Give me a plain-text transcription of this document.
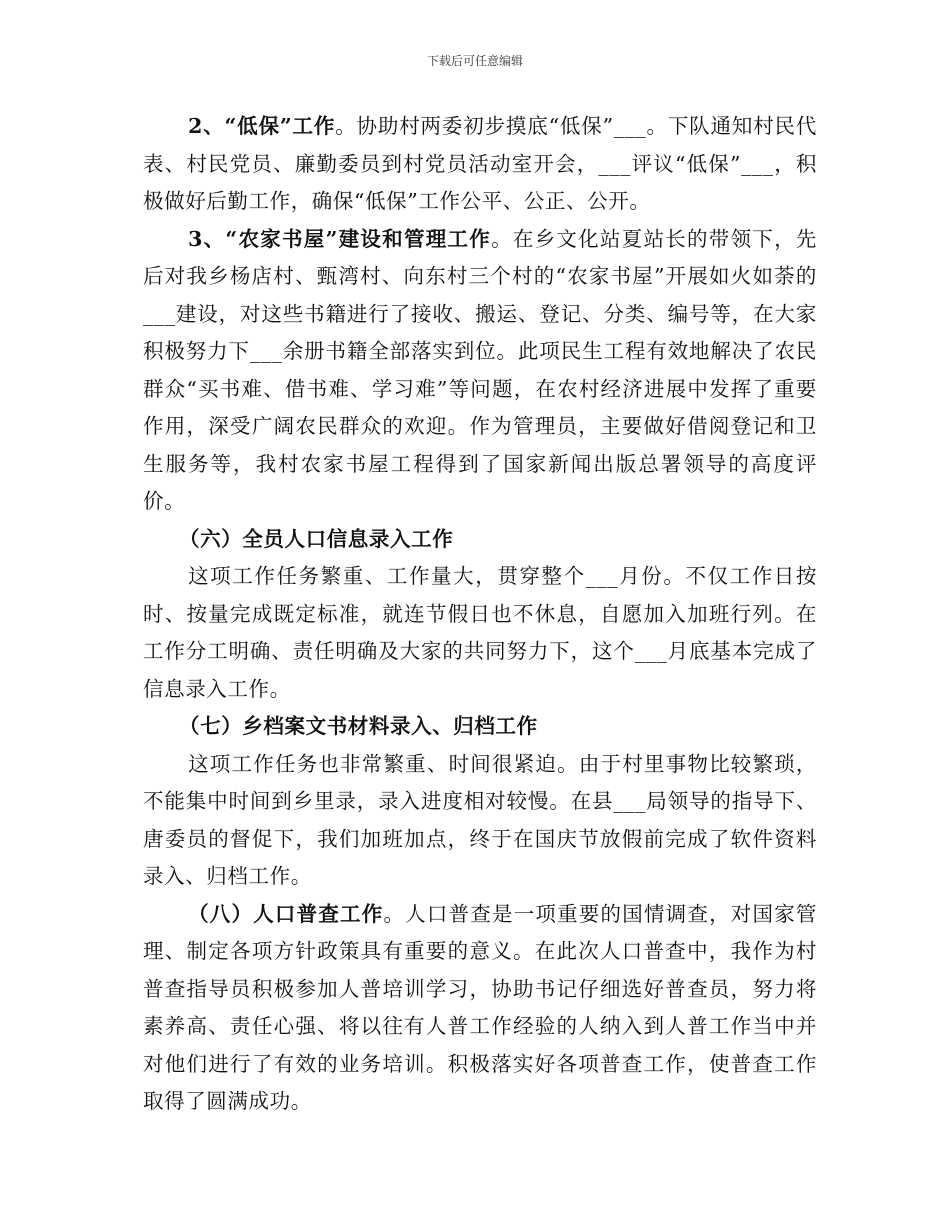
下载后可任意编辑

2、“低保”工作。协助村两委初步摸底“低保”___。下队通知村民代表、村民党员、廉勤委员到村党员活动室开会，___评议“低保”___，积极做好后勤工作，确保“低保”工作公平、公正、公开。

3、“农家书屋”建设和管理工作。在乡文化站夏站长的带领下，先后对我乡杨店村、甄湾村、向东村三个村的“农家书屋”开展如火如荼的___建设，对这些书籍进行了接收、搬运、登记、分类、编号等，在大家积极努力下___余册书籍全部落实到位。此项民生工程有效地解决了农民群众“买书难、借书难、学习难”等问题，在农村经济进展中发挥了重要作用，深受广阔农民群众的欢迎。作为管理员，主要做好借阅登记和卫生服务等，我村农家书屋工程得到了国家新闻出版总署领导的高度评价。

（六）全员人口信息录入工作

这项工作任务繁重、工作量大，贯穿整个___月份。不仅工作日按时、按量完成既定标准，就连节假日也不休息，自愿加入加班行列。在工作分工明确、责任明确及大家的共同努力下，这个___月底基本完成了信息录入工作。

（七）乡档案文书材料录入、归档工作

这项工作任务也非常繁重、时间很紧迫。由于村里事物比较繁琐，不能集中时间到乡里录，录入进度相对较慢。在县___局领导的指导下、唐委员的督促下，我们加班加点，终于在国庆节放假前完成了软件资料录入、归档工作。

（八）人口普查工作。人口普查是一项重要的国情调查，对国家管理、制定各项方针政策具有重要的意义。在此次人口普查中，我作为村普查指导员积极参加人普培训学习，协助书记仔细选好普查员，努力将素养高、责任心强、将以往有人普工作经验的人纳入到人普工作当中并对他们进行了有效的业务培训。积极落实好各项普查工作，使普查工作取得了圆满成功。
